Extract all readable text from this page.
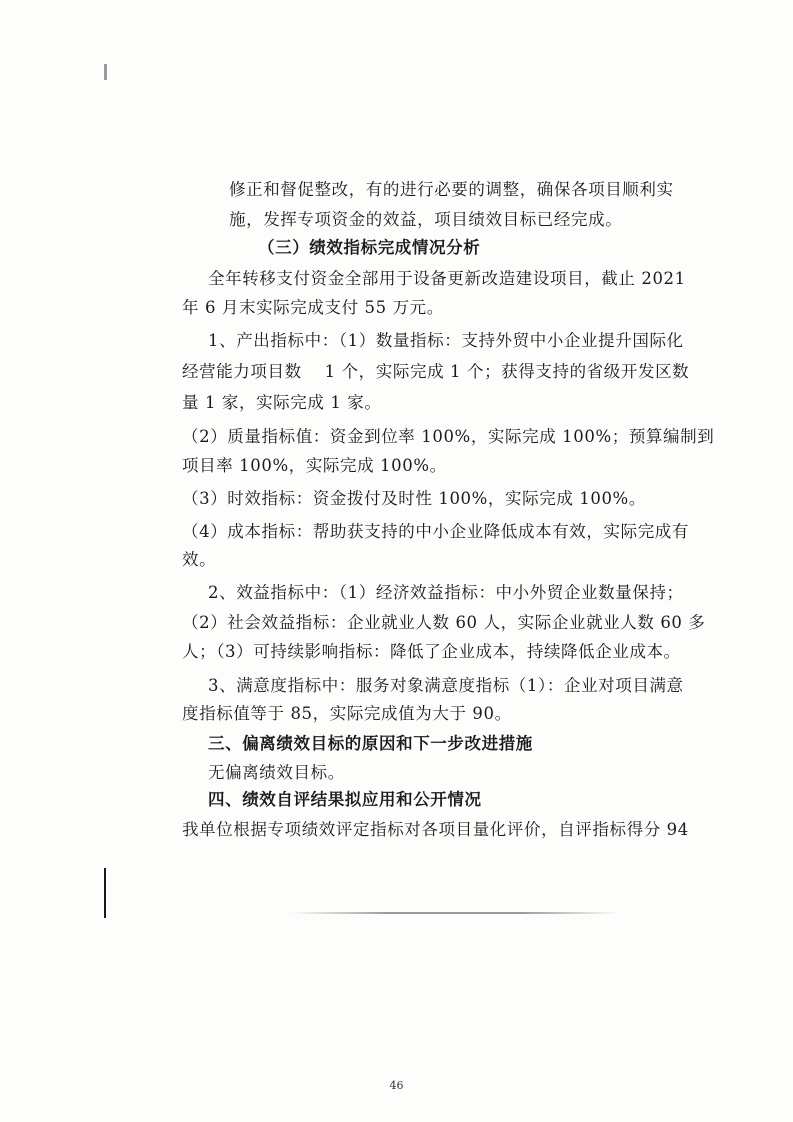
修正和督促整改，有的进行必要的调整，确保各项目顺利实
施，发挥专项资金的效益，项目绩效目标已经完成。
（三）绩效指标完成情况分析
全年转移支付资金全部用于设备更新改造建设项目，截止 2021
年 6 月末实际完成支付 55 万元。
1、产出指标中：（1）数量指标：支持外贸中小企业提升国际化
经营能力项目数　 1 个，实际完成 1 个；获得支持的省级开发区数
量 1 家，实际完成 1 家。
（2）质量指标值：资金到位率 100%，实际完成 100%；预算编制到
项目率 100%，实际完成 100%。
（3）时效指标：资金拨付及时性 100%，实际完成 100%。
（4）成本指标：帮助获支持的中小企业降低成本有效，实际完成有
效。
2、效益指标中：（1）经济效益指标：中小外贸企业数量保持；
（2）社会效益指标：企业就业人数 60 人，实际企业就业人数 60 多
人；（3）可持续影响指标：降低了企业成本，持续降低企业成本。
3、满意度指标中：服务对象满意度指标（1）：企业对项目满意
度指标值等于 85，实际完成值为大于 90。
三、偏离绩效目标的原因和下一步改进措施
无偏离绩效目标。
四、绩效自评结果拟应用和公开情况
我单位根据专项绩效评定指标对各项目量化评价，自评指标得分 94
46
